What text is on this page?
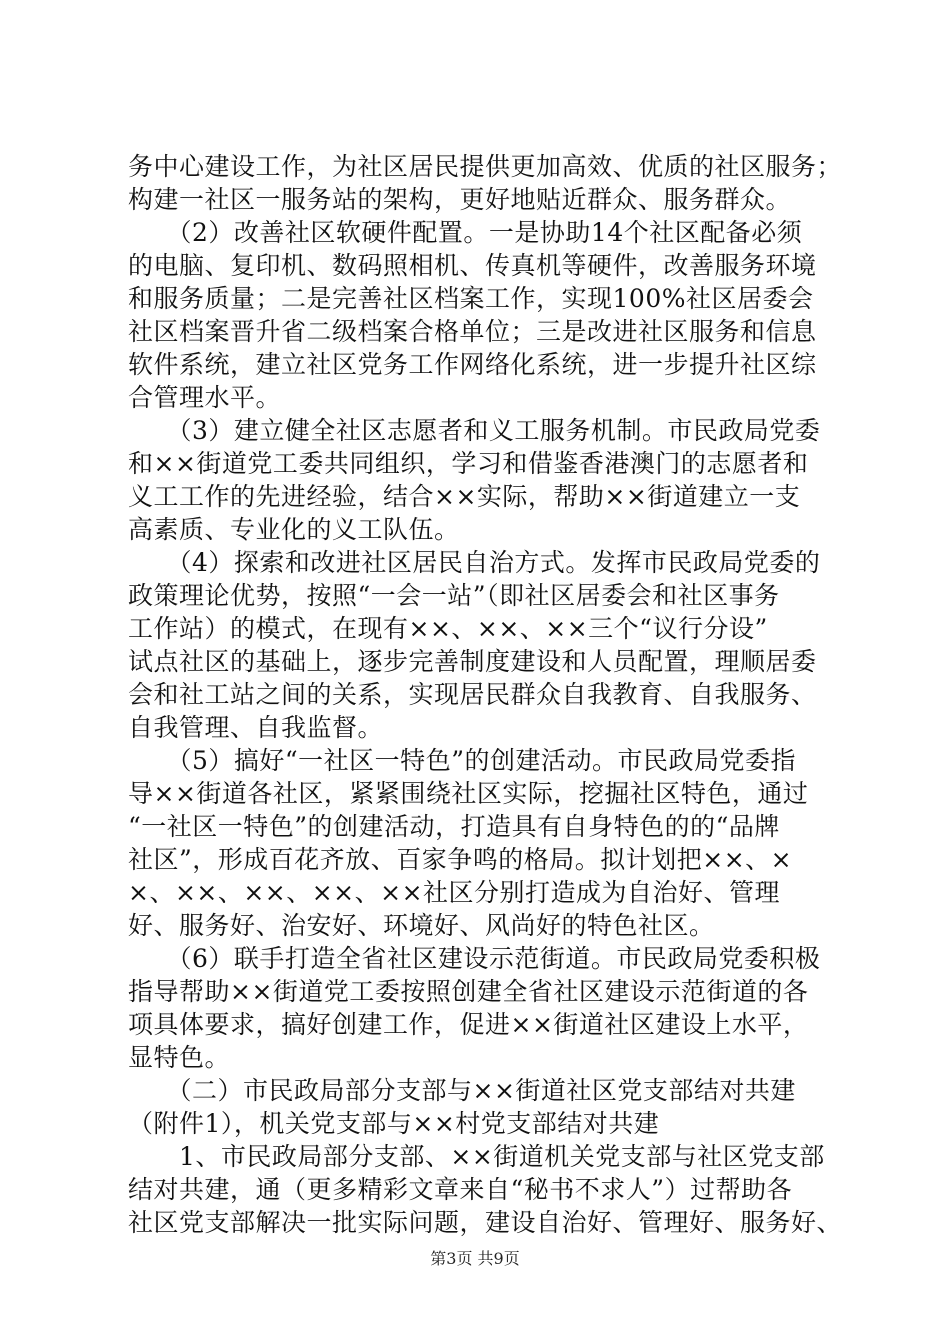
务中心建设工作，为社区居民提供更加高效、优质的社区服务；
构建一社区一服务站的架构，更好地贴近群众、服务群众。
　　（2）改善社区软硬件配置。一是协助14个社区配备必须
的电脑、复印机、数码照相机、传真机等硬件，改善服务环境
和服务质量；二是完善社区档案工作，实现100%社区居委会
社区档案晋升省二级档案合格单位；三是改进社区服务和信息
软件系统，建立社区党务工作网络化系统，进一步提升社区综
合管理水平。
　　（3）建立健全社区志愿者和义工服务机制。市民政局党委
和××街道党工委共同组织，学习和借鉴香港澳门的志愿者和
义工工作的先进经验，结合××实际，帮助××街道建立一支
高素质、专业化的义工队伍。
　　（4）探索和改进社区居民自治方式。发挥市民政局党委的
政策理论优势，按照“一会一站”（即社区居委会和社区事务
工作站）的模式，在现有××、××、××三个“议行分设”
试点社区的基础上，逐步完善制度建设和人员配置，理顺居委
会和社工站之间的关系，实现居民群众自我教育、自我服务、
自我管理、自我监督。
　　（5）搞好“一社区一特色”的创建活动。市民政局党委指
导××街道各社区，紧紧围绕社区实际，挖掘社区特色，通过
“一社区一特色”的创建活动，打造具有自身特色的的“品牌
社区”，形成百花齐放、百家争鸣的格局。拟计划把××、×
×、××、××、××、××社区分别打造成为自治好、管理
好、服务好、治安好、环境好、风尚好的特色社区。
　　（6）联手打造全省社区建设示范街道。市民政局党委积极
指导帮助××街道党工委按照创建全省社区建设示范街道的各
项具体要求，搞好创建工作，促进××街道社区建设上水平，
显特色。
　　（二）市民政局部分支部与××街道社区党支部结对共建
（附件1），机关党支部与××村党支部结对共建
　　1、市民政局部分支部、××街道机关党支部与社区党支部
结对共建，通（更多精彩文章来自“秘书不求人”）过帮助各
社区党支部解决一批实际问题，建设自治好、管理好、服务好、
第3页 共9页
